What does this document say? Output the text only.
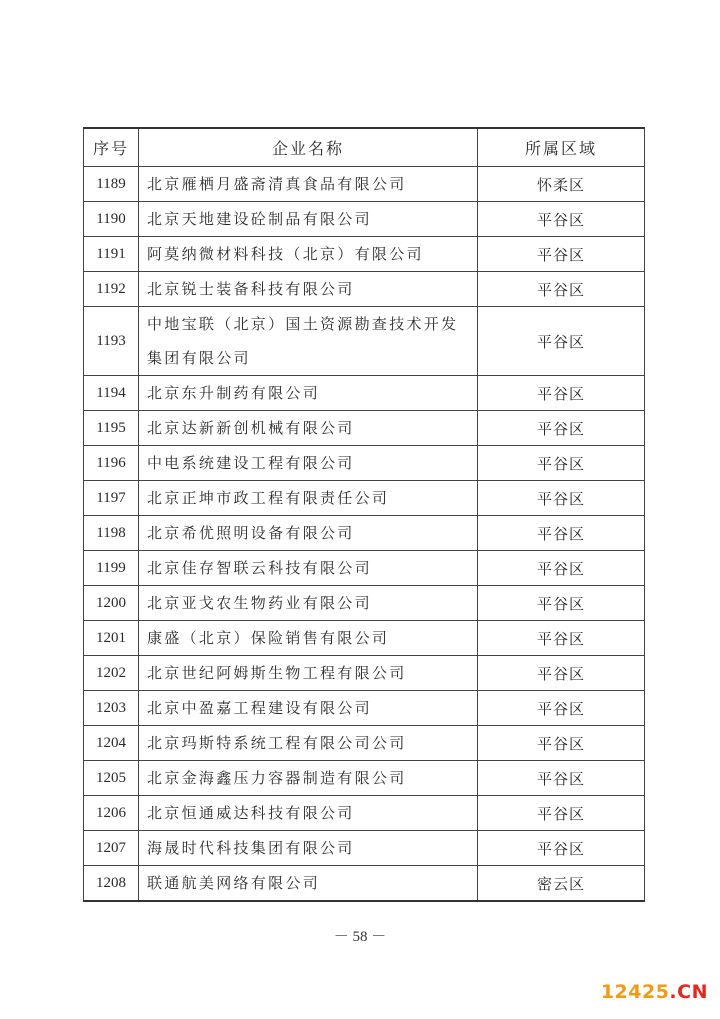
序号	企业名称	所属区域
1189	北京雁栖月盛斋清真食品有限公司	怀柔区
1190	北京天地建设砼制品有限公司	平谷区
1191	阿莫纳微材料科技（北京）有限公司	平谷区
1192	北京锐士装备科技有限公司	平谷区
1193	中地宝联（北京）国土资源勘查技术开发集团有限公司	平谷区
1194	北京东升制药有限公司	平谷区
1195	北京达新新创机械有限公司	平谷区
1196	中电系统建设工程有限公司	平谷区
1197	北京正坤市政工程有限责任公司	平谷区
1198	北京希优照明设备有限公司	平谷区
1199	北京佳存智联云科技有限公司	平谷区
1200	北京亚戈农生物药业有限公司	平谷区
1201	康盛（北京）保险销售有限公司	平谷区
1202	北京世纪阿姆斯生物工程有限公司	平谷区
1203	北京中盈嘉工程建设有限公司	平谷区
1204	北京玛斯特系统工程有限公司公司	平谷区
1205	北京金海鑫压力容器制造有限公司	平谷区
1206	北京恒通威达科技有限公司	平谷区
1207	海晟时代科技集团有限公司	平谷区
1208	联通航美网络有限公司	密云区
－ 58 －
12425.CN
